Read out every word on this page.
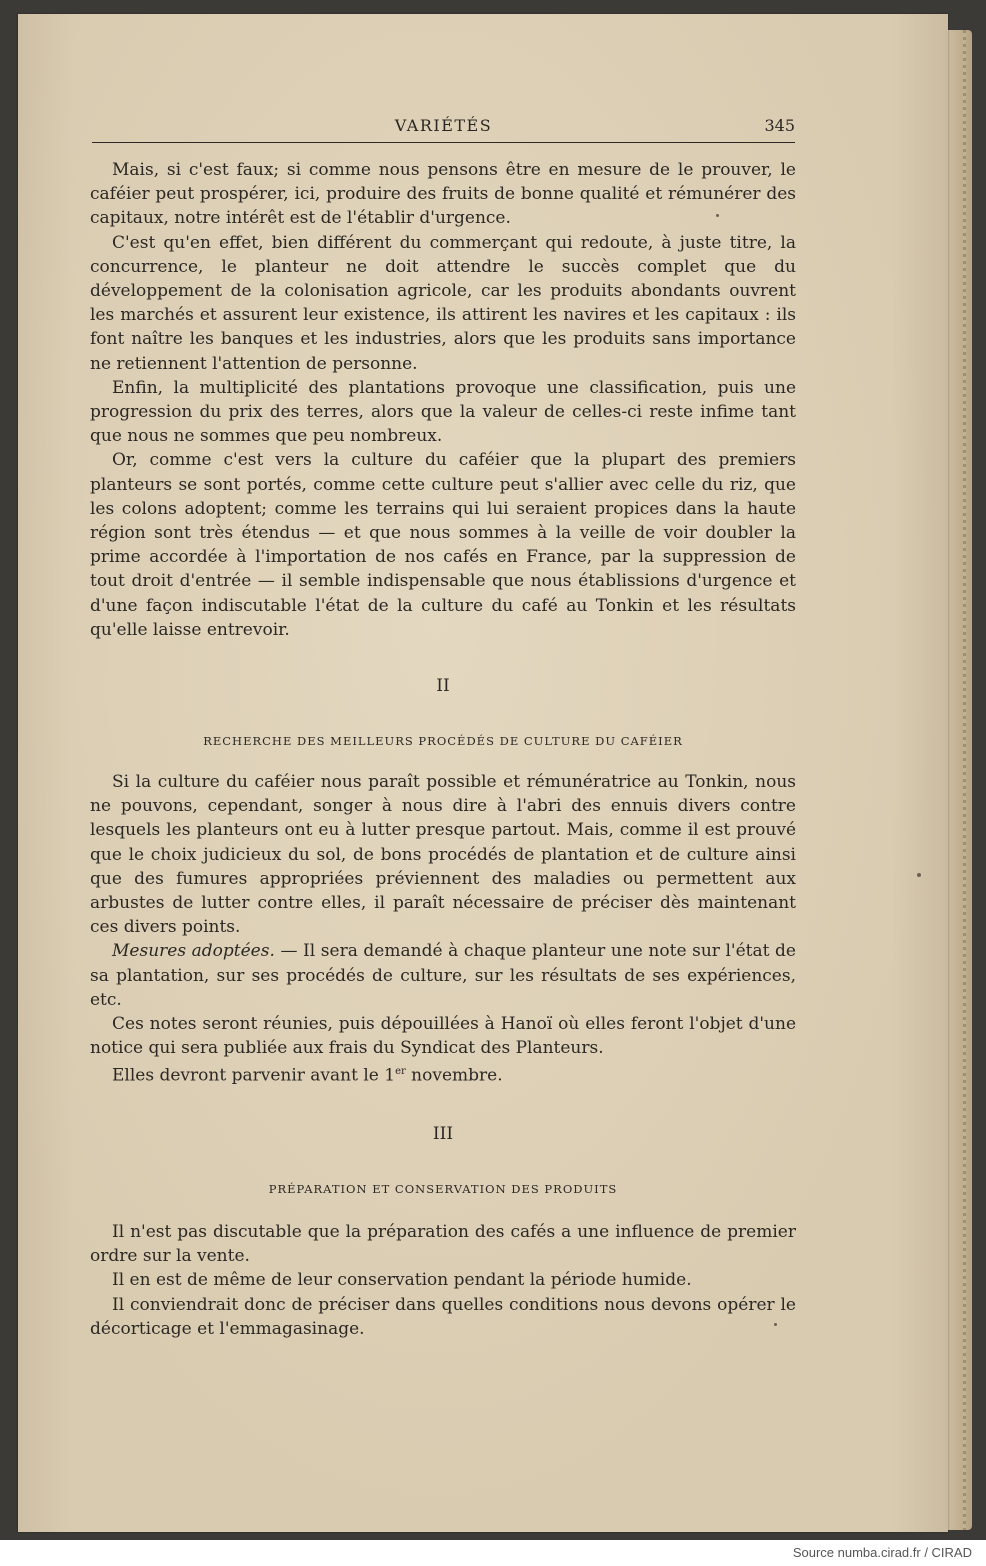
VARIÉTÉS	345

Mais, si c'est faux; si comme nous pensons être en mesure de le prouver, le caféier peut prospérer, ici, produire des fruits de bonne qualité et rémunérer des capitaux, notre intérêt est de l'établir d'urgence.

C'est qu'en effet, bien différent du commerçant qui redoute, à juste titre, la concurrence, le planteur ne doit attendre le succès complet que du développement de la colonisation agricole, car les produits abondants ouvrent les marchés et assurent leur existence, ils attirent les navires et les capitaux : ils font naître les banques et les industries, alors que les produits sans importance ne retiennent l'attention de personne.

Enfin, la multiplicité des plantations provoque une classification, puis une progression du prix des terres, alors que la valeur de celles-ci reste infime tant que nous ne sommes que peu nombreux.

Or, comme c'est vers la culture du caféier que la plupart des premiers planteurs se sont portés, comme cette culture peut s'allier avec celle du riz, que les colons adoptent; comme les terrains qui lui seraient propices dans la haute région sont très étendus — et que nous sommes à la veille de voir doubler la prime accordée à l'importation de nos cafés en France, par la suppression de tout droit d'entrée — il semble indispensable que nous établissions d'urgence et d'une façon indiscutable l'état de la culture du café au Tonkin et les résultats qu'elle laisse entrevoir.

II
RECHERCHE DES MEILLEURS PROCÉDÉS DE CULTURE DU CAFÉIER

Si la culture du caféier nous paraît possible et rémunératrice au Tonkin, nous ne pouvons, cependant, songer à nous dire à l'abri des ennuis divers contre lesquels les planteurs ont eu à lutter presque partout. Mais, comme il est prouvé que le choix judicieux du sol, de bons procédés de plantation et de culture ainsi que des fumures appropriées préviennent des maladies ou permettent aux arbustes de lutter contre elles, il paraît nécessaire de préciser dès maintenant ces divers points.

Mesures adoptées. — Il sera demandé à chaque planteur une note sur l'état de sa plantation, sur ses procédés de culture, sur les résultats de ses expériences, etc.

Ces notes seront réunies, puis dépouillées à Hanoï où elles feront l'objet d'une notice qui sera publiée aux frais du Syndicat des Planteurs.

Elles devront parvenir avant le 1er novembre.

III
PRÉPARATION ET CONSERVATION DES PRODUITS

Il n'est pas discutable que la préparation des cafés a une influence de premier ordre sur la vente.

Il en est de même de leur conservation pendant la période humide.

Il conviendrait donc de préciser dans quelles conditions nous devons opérer le décorticage et l'emmagasinage.

Source numba.cirad.fr / CIRAD
